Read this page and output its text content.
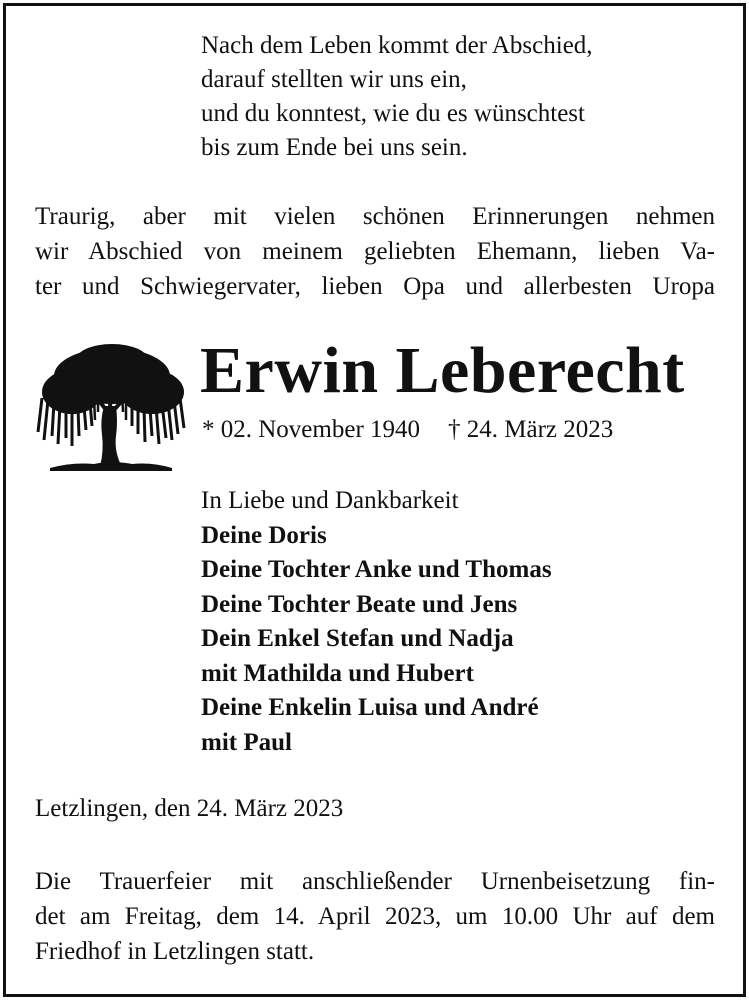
Nach dem Leben kommt der Abschied,
darauf stellten wir uns ein,
und du konntest, wie du es wünschtest
bis zum Ende bei uns sein.
Traurig, aber mit vielen schönen Erinnerungen nehmen
wir Abschied von meinem geliebten Ehemann, lieben Va-
ter und Schwiegervater, lieben Opa und allerbesten Uropa
Erwin Leberecht
* 02. November 1940 † 24. März 2023
In Liebe und Dankbarkeit
Deine Doris
Deine Tochter Anke und Thomas
Deine Tochter Beate und Jens
Dein Enkel Stefan und Nadja
mit Mathilda und Hubert
Deine Enkelin Luisa und André
mit Paul
Letzlingen, den 24. März 2023
Die Trauerfeier mit anschließender Urnenbeisetzung fin-
det am Freitag, dem 14. April 2023, um 10.00 Uhr auf dem
Friedhof in Letzlingen statt.
